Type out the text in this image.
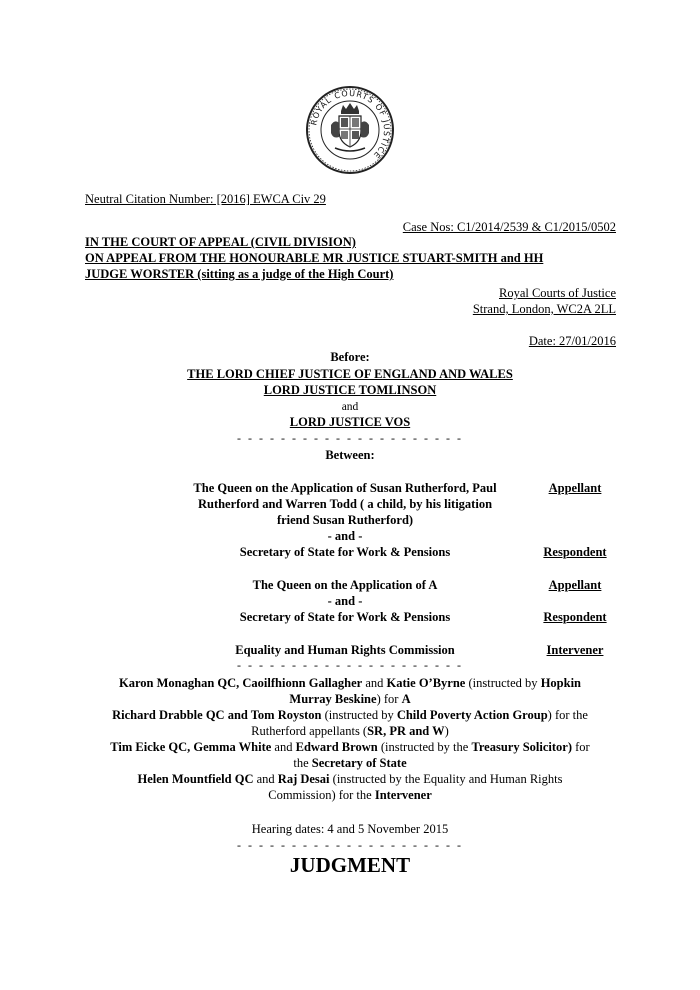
ROYAL COURTS OF JUSTICE
Neutral Citation Number: [2016] EWCA Civ 29
Case Nos: C1/2014/2539 & C1/2015/0502
IN THE COURT OF APPEAL (CIVIL DIVISION)
ON APPEAL FROM THE HONOURABLE MR JUSTICE STUART-SMITH and HH
JUDGE WORSTER (sitting as a judge of the High Court)
Royal Courts of Justice
Strand, London, WC2A 2LL
Date: 27/01/2016
Before:
THE LORD CHIEF JUSTICE OF ENGLAND AND WALES
LORD JUSTICE TOMLINSON
and
LORD JUSTICE VOS
- - - - - - - - - - - - - - - - - - - - -
Between:
The Queen on the Application of Susan Rutherford, Paul
Rutherford and Warren Todd ( a child, by his litigation
friend Susan Rutherford)
- and -
Secretary of State for Work & Pensions
Appellant
Respondent
The Queen on the Application of A
- and -
Secretary of State for Work & Pensions
Appellant
Respondent
Equality and Human Rights Commission	Intervener
- - - - - - - - - - - - - - - - - - - - -
Karon Monaghan QC, Caoilfhionn Gallagher and Katie O’Byrne (instructed by Hopkin
Murray Beskine) for A
Richard Drabble QC and Tom Royston (instructed by Child Poverty Action Group) for the
Rutherford appellants (SR, PR and W)
Tim Eicke QC, Gemma White and Edward Brown (instructed by the Treasury Solicitor) for
the Secretary of State
Helen Mountfield QC and Raj Desai (instructed by the Equality and Human Rights
Commission) for the Intervener
Hearing dates: 4 and 5 November 2015
- - - - - - - - - - - - - - - - - - - - -
JUDGMENT
